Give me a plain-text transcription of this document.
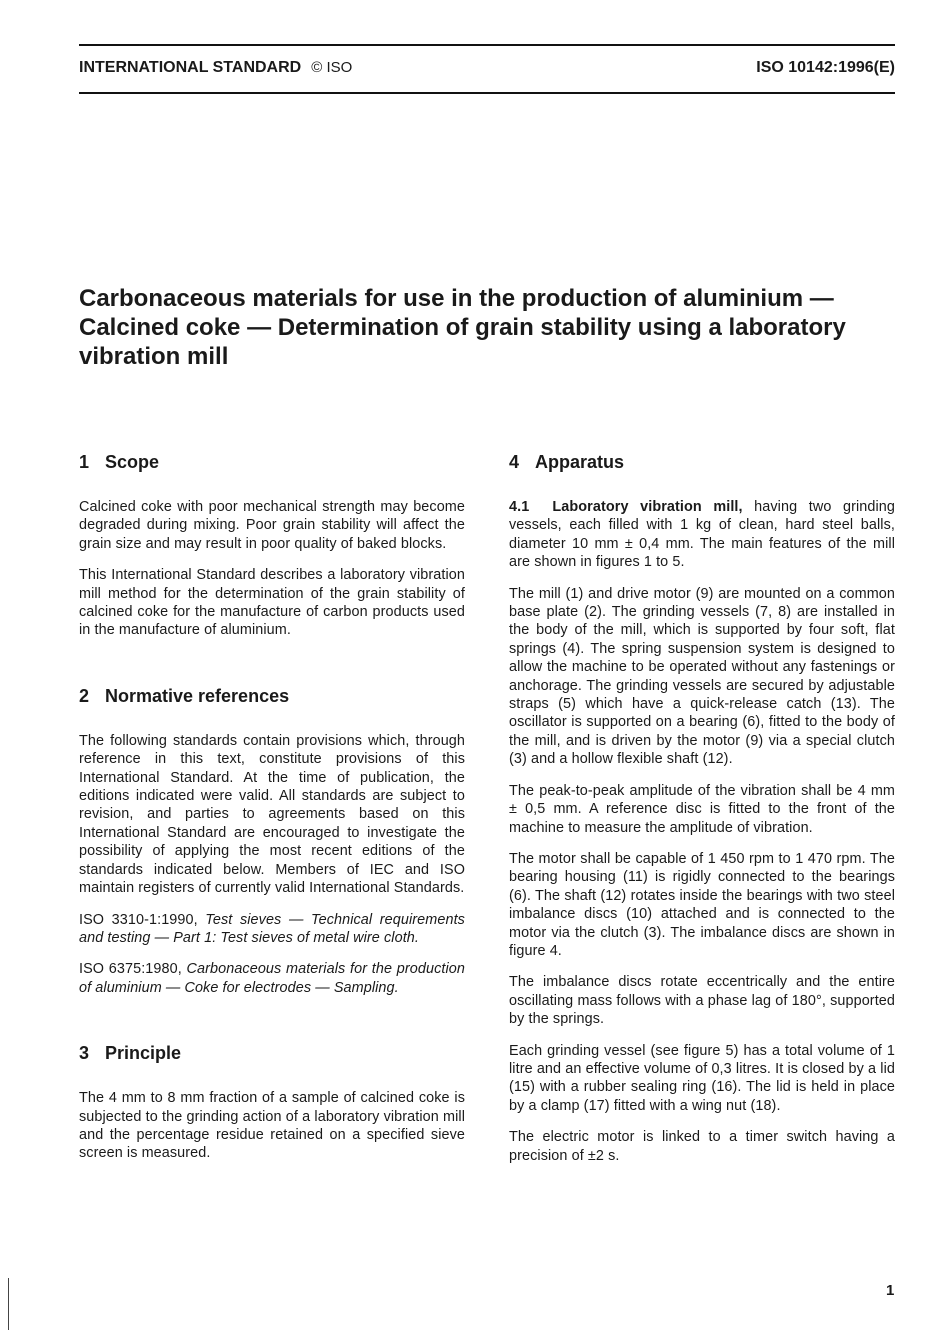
INTERNATIONAL STANDARD © ISO	ISO 10142:1996(E)
Carbonaceous materials for use in the production of aluminium —
Calcined coke — Determination of grain stability using a laboratory
vibration mill
1 Scope

Calcined coke with poor mechanical strength may become degraded during mixing. Poor grain stability will affect the grain size and may result in poor quality of baked blocks.

This International Standard describes a laboratory vibration mill method for the determination of the grain stability of calcined coke for the manufacture of carbon products used in the manufacture of aluminium.

2 Normative references

The following standards contain provisions which, through reference in this text, constitute provisions of this International Standard. At the time of publication, the editions indicated were valid. All standards are subject to revision, and parties to agreements based on this International Standard are encouraged to investigate the possibility of applying the most recent editions of the standards indicated below. Members of IEC and ISO maintain registers of currently valid International Standards.

ISO 3310-1:1990, Test sieves — Technical requirements and testing — Part 1: Test sieves of metal wire cloth.

ISO 6375:1980, Carbonaceous materials for the production of aluminium — Coke for electrodes — Sampling.

3 Principle

The 4 mm to 8 mm fraction of a sample of calcined coke is subjected to the grinding action of a laboratory vibration mill and the percentage residue retained on a specified sieve screen is measured.

4 Apparatus

4.1 Laboratory vibration mill, having two grinding vessels, each filled with 1 kg of clean, hard steel balls, diameter 10 mm ± 0,4 mm. The main features of the mill are shown in figures 1 to 5.

The mill (1) and drive motor (9) are mounted on a common base plate (2). The grinding vessels (7, 8) are installed in the body of the mill, which is supported by four soft, flat springs (4). The spring suspension system is designed to allow the machine to be operated without any fastenings or anchorage. The grinding vessels are secured by adjustable straps (5) which have a quick-release catch (13). The oscillator is supported on a bearing (6), fitted to the body of the mill, and is driven by the motor (9) via a special clutch (3) and a hollow flexible shaft (12).

The peak-to-peak amplitude of the vibration shall be 4 mm ± 0,5 mm. A reference disc is fitted to the front of the machine to measure the amplitude of vibration.

The motor shall be capable of 1 450 rpm to 1 470 rpm. The bearing housing (11) is rigidly connected to the bearings (6). The shaft (12) rotates inside the bearings with two steel imbalance discs (10) attached and is connected to the motor via the clutch (3). The imbalance discs are shown in figure 4.

The imbalance discs rotate eccentrically and the entire oscillating mass follows with a phase lag of 180°, supported by the springs.

Each grinding vessel (see figure 5) has a total volume of 1 litre and an effective volume of 0,3 litres. It is closed by a lid (15) with a rubber sealing ring (16). The lid is held in place by a clamp (17) fitted with a wing nut (18).

The electric motor is linked to a timer switch having a precision of ±2 s.

1
